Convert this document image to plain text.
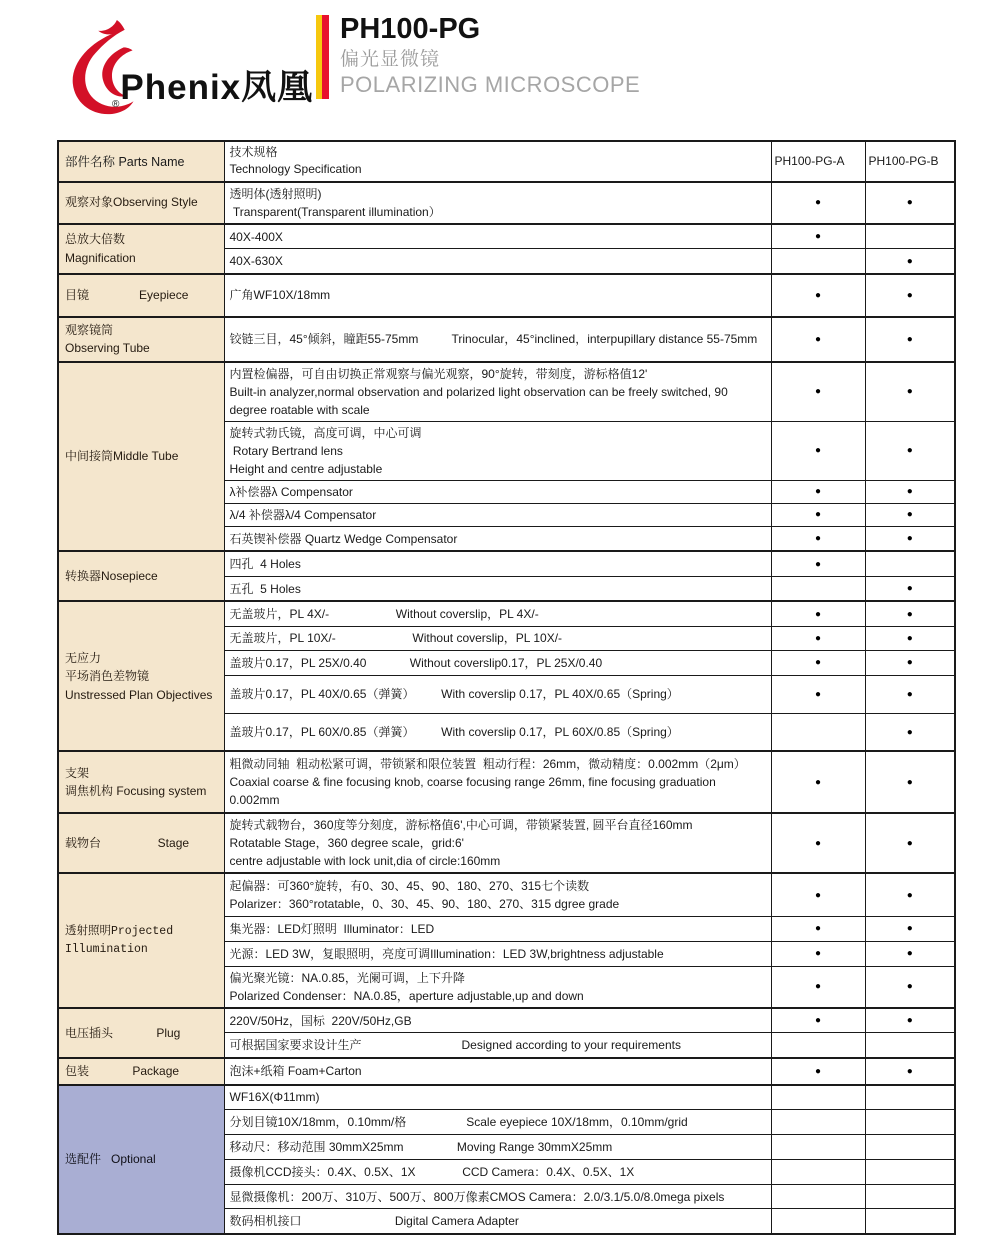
$_®$Phenix凤凰
PH100-PG
偏光显微镜
POLARIZING MICROSCOPE
部件名称 Parts Name	技术规格
Technology Specification	PH100-PG-A	PH100-PG-B

观察对象Observing Style	透明体(透射照明)
Transparent(Transparent illumination）	●	●

总放大倍数
Magnification	40X-400X	●	

	40X-630X		●

目镜               Eyepiece	广角WF10X/18mm	●	●

观察镜筒
Observing Tube	铰链三目，45°倾斜，瞳距55-75mm          Trinocular，45°inclined，interpupillary distance 55-75mm	●	●

中间接筒Middle Tube	内置检偏器，可自由切换正常观察与偏光观察，90°旋转，带刻度，游标格值12'
Built-in analyzer,normal observation and polarized light observation can be freely switched, 90 degree roatable with scale	●	●

	旋转式勃氏镜，高度可调，中心可调
Rotary Bertrand lens
Height and centre adjustable	●	●

	λ补偿器λ Compensator	●	●

	λ/4 补偿器λ/4 Compensator	●	●

	石英锲补偿器 Quartz Wedge Compensator	●	●

转换器Nosepiece	四孔  4 Holes	●	

	五孔  5 Holes		●

无应力
平场消色差物镜
Unstressed Plan Objectives	无盖玻片，PL 4X/-                    Without coverslip，PL 4X/-	●	●

	无盖玻片，PL 10X/-                       Without coverslip，PL 10X/-	●	●

	盖玻片0.17，PL 25X/0.40             Without coverslip0.17，PL 25X/0.40	●	●

	盖玻片0.17，PL 40X/0.65（弹簧）        With coverslip 0.17，PL 40X/0.65（Spring）	●	●

	盖玻片0.17，PL 60X/0.85（弹簧）        With coverslip 0.17，PL 60X/0.85（Spring）		●

支架
调焦机构 Focusing system

粗微动同轴  粗动松紧可调，带锁紧和限位装置  粗动行程：26mm，微动精度：0.002mm（2μm）
Coaxial coarse & fine focusing knob, coarse focusing range 26mm, fine focusing graduation
0.002mm
	●	●

载物台                 Stage	旋转式载物台，360度等分刻度，游标格值6',中心可调，带锁紧装置, 圆平台直径160mm
Rotatable Stage，360 degree scale，grid:6'
centre adjustable with lock unit,dia of circle:160mm	●	●

透射照明Projected
Illumination

起偏器：可360°旋转，有0、30、45、90、180、270、315七个读数
Polarizer：360°rotatable，0、30、45、90、180、270、315 dgree grade
	●	●

	集光器：LED灯照明  Illuminator：LED	●	●

	光源：LED 3W，复眼照明，亮度可调Illumination：LED 3W,brightness adjustable	●	●

	偏光聚光镜：NA.0.85，光阑可调，上下升降
Polarized Condenser：NA.0.85，aperture adjustable,up and down	●	●

电压插头             Plug	220V/50Hz，国标  220V/50Hz,GB	●	●

	可根据国家要求设计生产                              Designed according to your requirements		

包装             Package	泡沫+纸箱 Foam+Carton	●	●

选配件   Optional	WF16X(Φ11mm)		

	分划目镜10X/18mm，0.10mm/格                  Scale eyepiece 10X/18mm，0.10mm/grid		

	移动尺：移动范围 30mmX25mm                Moving Range 30mmX25mm		

	摄像机CCD接头：0.4X、0.5X、1X              CCD Camera：0.4X、0.5X、1X		

	显微摄像机：200万、310万、500万、800万像素CMOS Camera：2.0/3.1/5.0/8.0mega pixels		

	数码相机接口                            Digital Camera Adapter		
